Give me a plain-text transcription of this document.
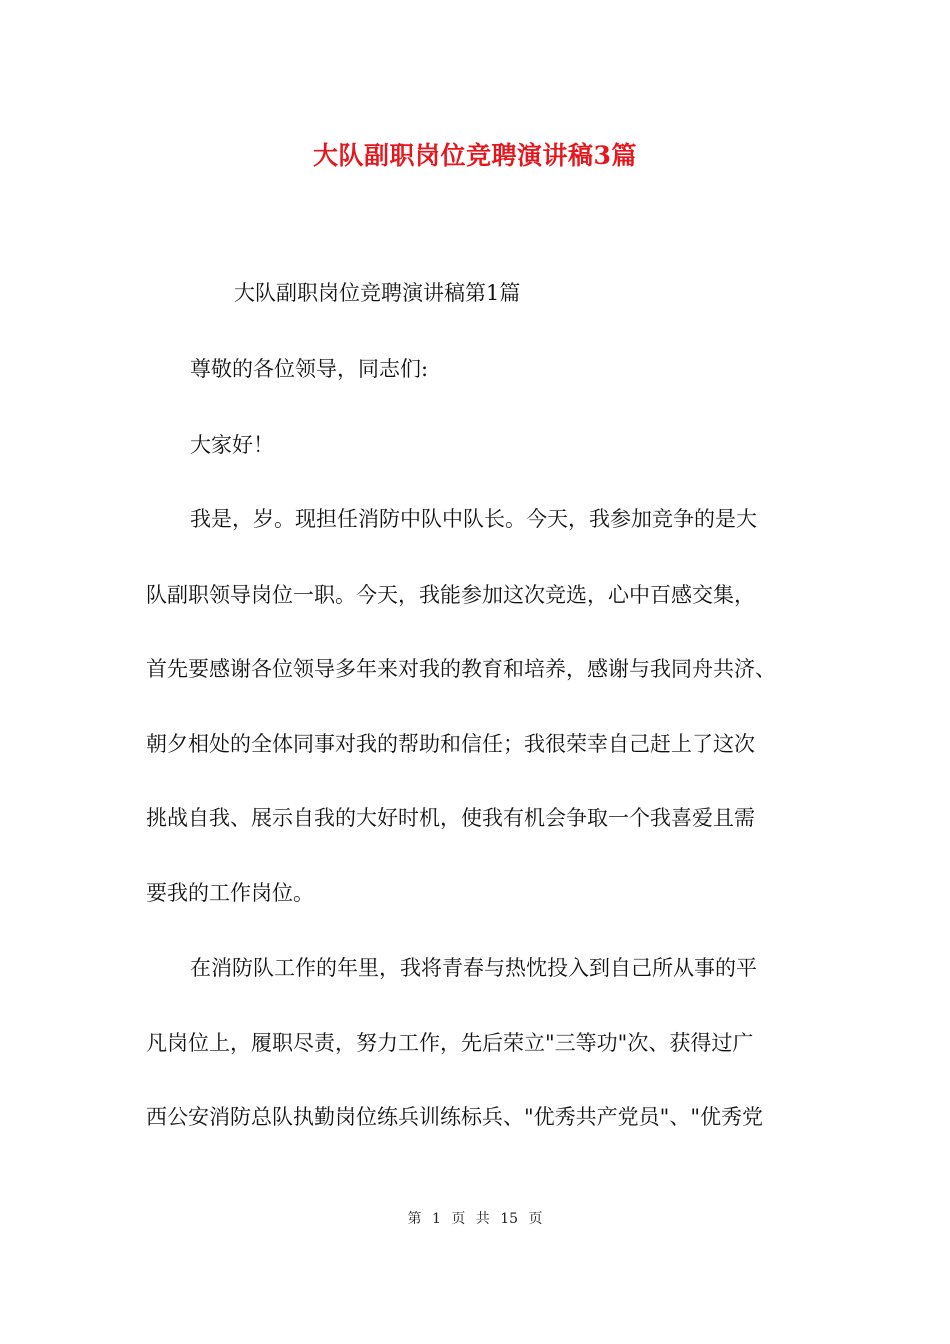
大队副职岗位竞聘演讲稿3篇
大队副职岗位竞聘演讲稿第1篇
尊敬的各位领导，同志们:
大家好！
我是，岁。现担任消防中队中队长。今天，我参加竞争的是大
队副职领导岗位一职。今天，我能参加这次竞选，心中百感交集，
首先要感谢各位领导多年来对我的教育和培养，感谢与我同舟共济、
朝夕相处的全体同事对我的帮助和信任；我很荣幸自己赶上了这次
挑战自我、展示自我的大好时机，使我有机会争取一个我喜爱且需
要我的工作岗位。
在消防队工作的年里，我将青春与热忱投入到自己所从事的平
凡岗位上，履职尽责，努力工作，先后荣立"三等功"次、获得过广
西公安消防总队执勤岗位练兵训练标兵、"优秀共产党员"、"优秀党
第 1 页 共 15 页
